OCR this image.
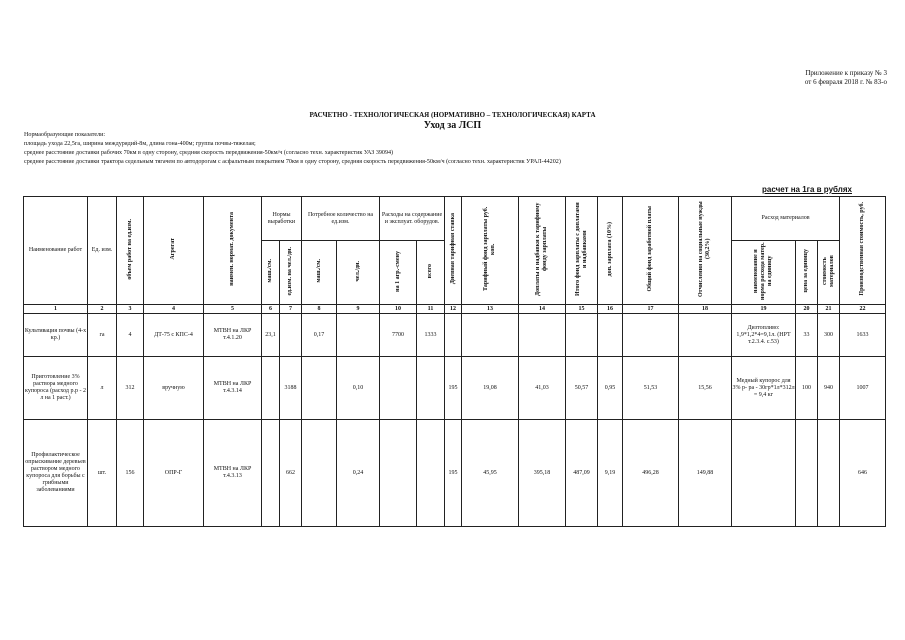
Приложение к приказу № 3
от 6 февраля 2018 г. № 83-о
РАСЧЕТНО - ТЕХНОЛОГИЧЕСКАЯ (НОРМАТИВНО – ТЕХНОЛОГИЧЕСКАЯ) КАРТА
Уход за ЛСП
Нормаобразующие показатели:
площадь ухода 22,5га, ширина междурядий-8м, длина гона-400м; группа почвы-тяжелая;
среднее расстояние доставки рабочих 70км в одну сторону, средняя скорость передвижения-50км/ч (согласно техн. характеристик УАЗ 39094)
среднее расстояние доставки трактора седельным тягачем по автодорогам с асфальтным покрытием 70км в одну сторону, средняя скорость передвижения-50км/ч (согласно техн. характеристик УРАЛ-44202)
расчет на 1га в рублях
Наименование работ	Ед. изм.	объем работ на ед.изм.	Агрегат	наимен. нормат. документа	Нормы выработки		Потребное количество на ед.изм.		Расходы на содержание и эксплуат. оборудов.		Дневная тарифная ставка	Тарифный фонд зарплаты руб. коп.	Доплаты и надбавки к тарифному фонду зарплаты	Итого фонд зарплаты с доплатами и надбавками	доп. зарплата (10%)	Общий фонд заработной платы	Отчисления на социальные нужды (30,2%)	Расход материалов			Производственная стоимость, руб.
					маш./см.	ед.изм. на чел./дн.	маш./см.	чел./дн.	на 1 агр.-смену	всего								наименование и норма расхода матер. на единицу	цена за единицу	стоимость материалов	
1	2	3	4	5	6	7	8	9	10	11	12	13	14	15	16	17	18	19	20	21	22
Культивация почвы (4-х кр.)	га	4	ДТ-75 с КПС-4	МТВН на ЛКР т.4.1.20	23,1		0,17		7700	1333								Дизтопливо: 1,9*1,2*4=9,1л. (НРТ т.2.3.4. с.53)	33	300	1633
Приготовление 3% раствора медного купороса (расход р.р - 2 л на 1 раст.)	л	312	вручную	МТВН на ЛКР т.4.3.14		3188		0,10			195	19,08	41,03	50,57	0,95	51,53	15,56	Медный купорос для 3% р- ра - 30гр*1л*312л = 9,4 кг	100	940	1007
Профилактическое опрыскивание деревьев раствором медного купороса для борьбы с грибными заболеваниями	шт.	156	ОПР-Г	МТВН на ЛКР т.4.3.13		662		0,24			195	45,95	395,18	487,09	9,19	496,28	149,88				646
